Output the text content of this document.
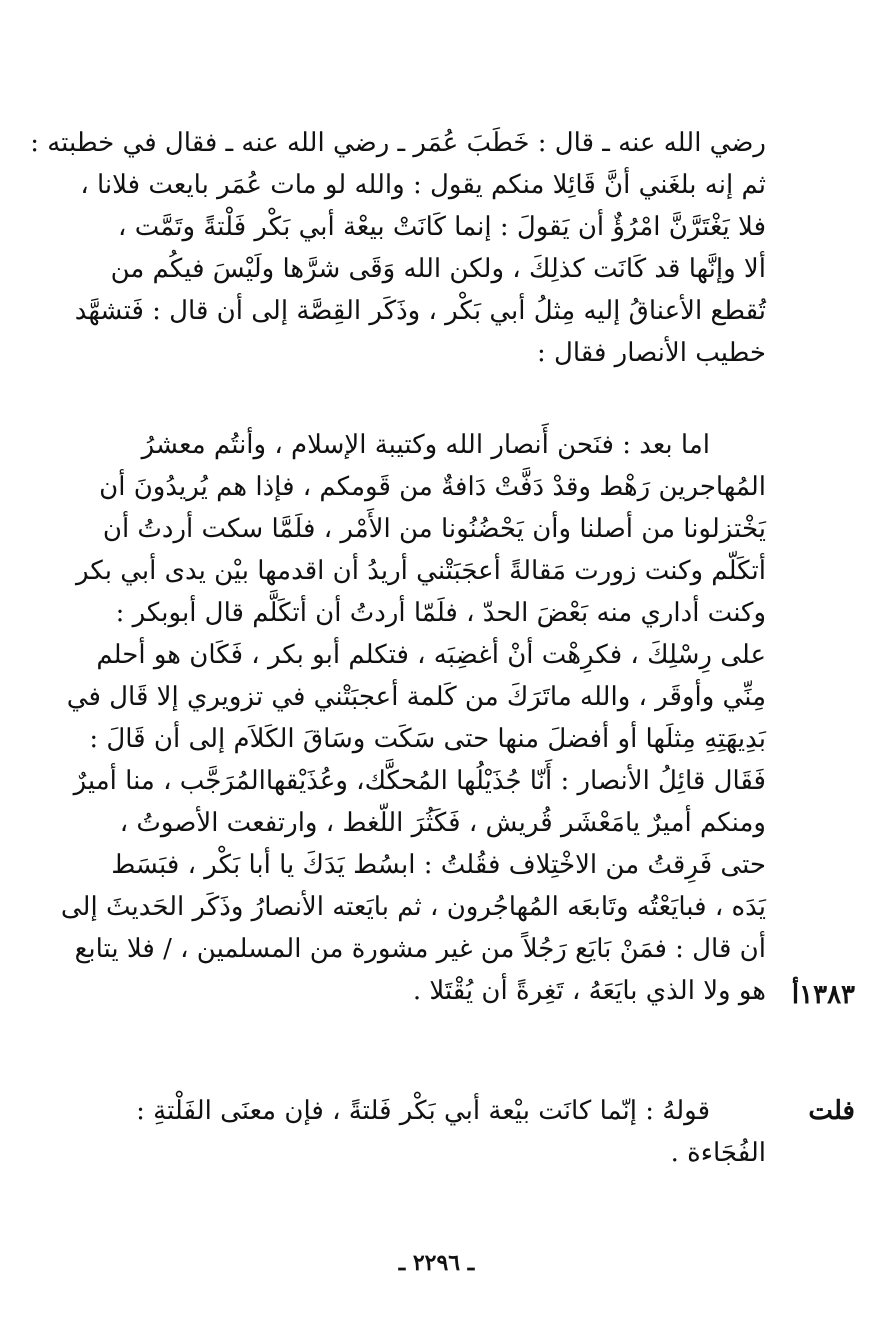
رضي الله عنه ـ قال : خَطَبَ عُمَر ـ رضي الله عنه ـ فقال في خطبته :
ثم إنه بلغَني أنَّ قَائِلا منكم يقول : والله لو مات عُمَر بايعت فلانا ،
فلا يَغْتَرَّنَّ امْرُؤٌ أن يَقولَ : إنما كَانَتْ بيعْة أبي بَكْر فَلْتةً وتَمَّت ،
ألا وإنَّها قد كَانَت كذلِكَ ، ولكن الله وَقَى شرَّها ولَيْسَ فيكُم من
تُقطع الأعناقُ إليه مِثلُ أبي بَكْر ، وذَكَر القِصَّة إلى أن قال : فَتشهَّد
خطيب الأنصار فقال :
اما بعد : فنَحن أَنصار الله وكتيبة الإسلام ، وأنتُم معشرُ
المُهاجرين رَهْط وقدْ دَفَّتْ دَافةٌ من قَومكم ، فإذا هم يُريدُونَ أن
يَخْتزلونا من أصلنا وأن يَحْضُنُونا من الأَمْر ، فلَمَّا سكت أردتُ أن
أتكَلّم وكنت زورت مَقالةً أعجَبَتْني أريدُ أن اقدمها بيْن يدى أبي بكر
وكنت أداري منه بَعْضَ الحدّ ، فلَمّا أردتُ أن أتكَلَّم قال أبوبكر :
على رِسْلِكَ ، فكرِهْت أنْ أغضِبَه ، فتكلم أبو بكر ، فَكَان هو أحلم
مِنِّي وأوقَر ، والله ماتَرَكَ من كَلمة أعجبَتْني في تزويري إلا قَال في
بَدِيهَتِهِ مِثلَها أو أفضلَ منها حتى سَكَت وسَاقَ الكَلاَم إلى أن قَالَ :
فَقَال قائِلُ الأنصار : أَنّا جُذَيْلُها المُحكَّك، وعُذَيْقهاالمُرَجَّب ، منا أميرٌ
ومنكم أميرٌ يامَعْشَر قُريش ، فَكَثُرَ اللّغط ، وارتفعت الأصوتُ ،
حتى فَرِقتُ من الاخْتِلاف فقُلتُ : ابسُط يَدَكَ يا أبا بَكْر ، فبَسَط
يَدَه ، فبايَعْتُه وتَابعَه المُهاجُرون ، ثم بايَعته الأنصارُ وذَكَر الحَديثَ إلى
أن قال : فمَنْ بَايَع رَجُلاً من غير مشورة من المسلمين ، / فلا يتابع
هو ولا الذي بايَعَهُ ، تَغِرةً أن يُقْتَلا . ١٣٨٣أ
فلت
قولهُ : إنّما كانَت بيْعة أبي بَكْر فَلتةً ، فإن معنَى الفَلْتةِ :
الفُجَاءة .
ـ ٢٢٩٦ ـ
